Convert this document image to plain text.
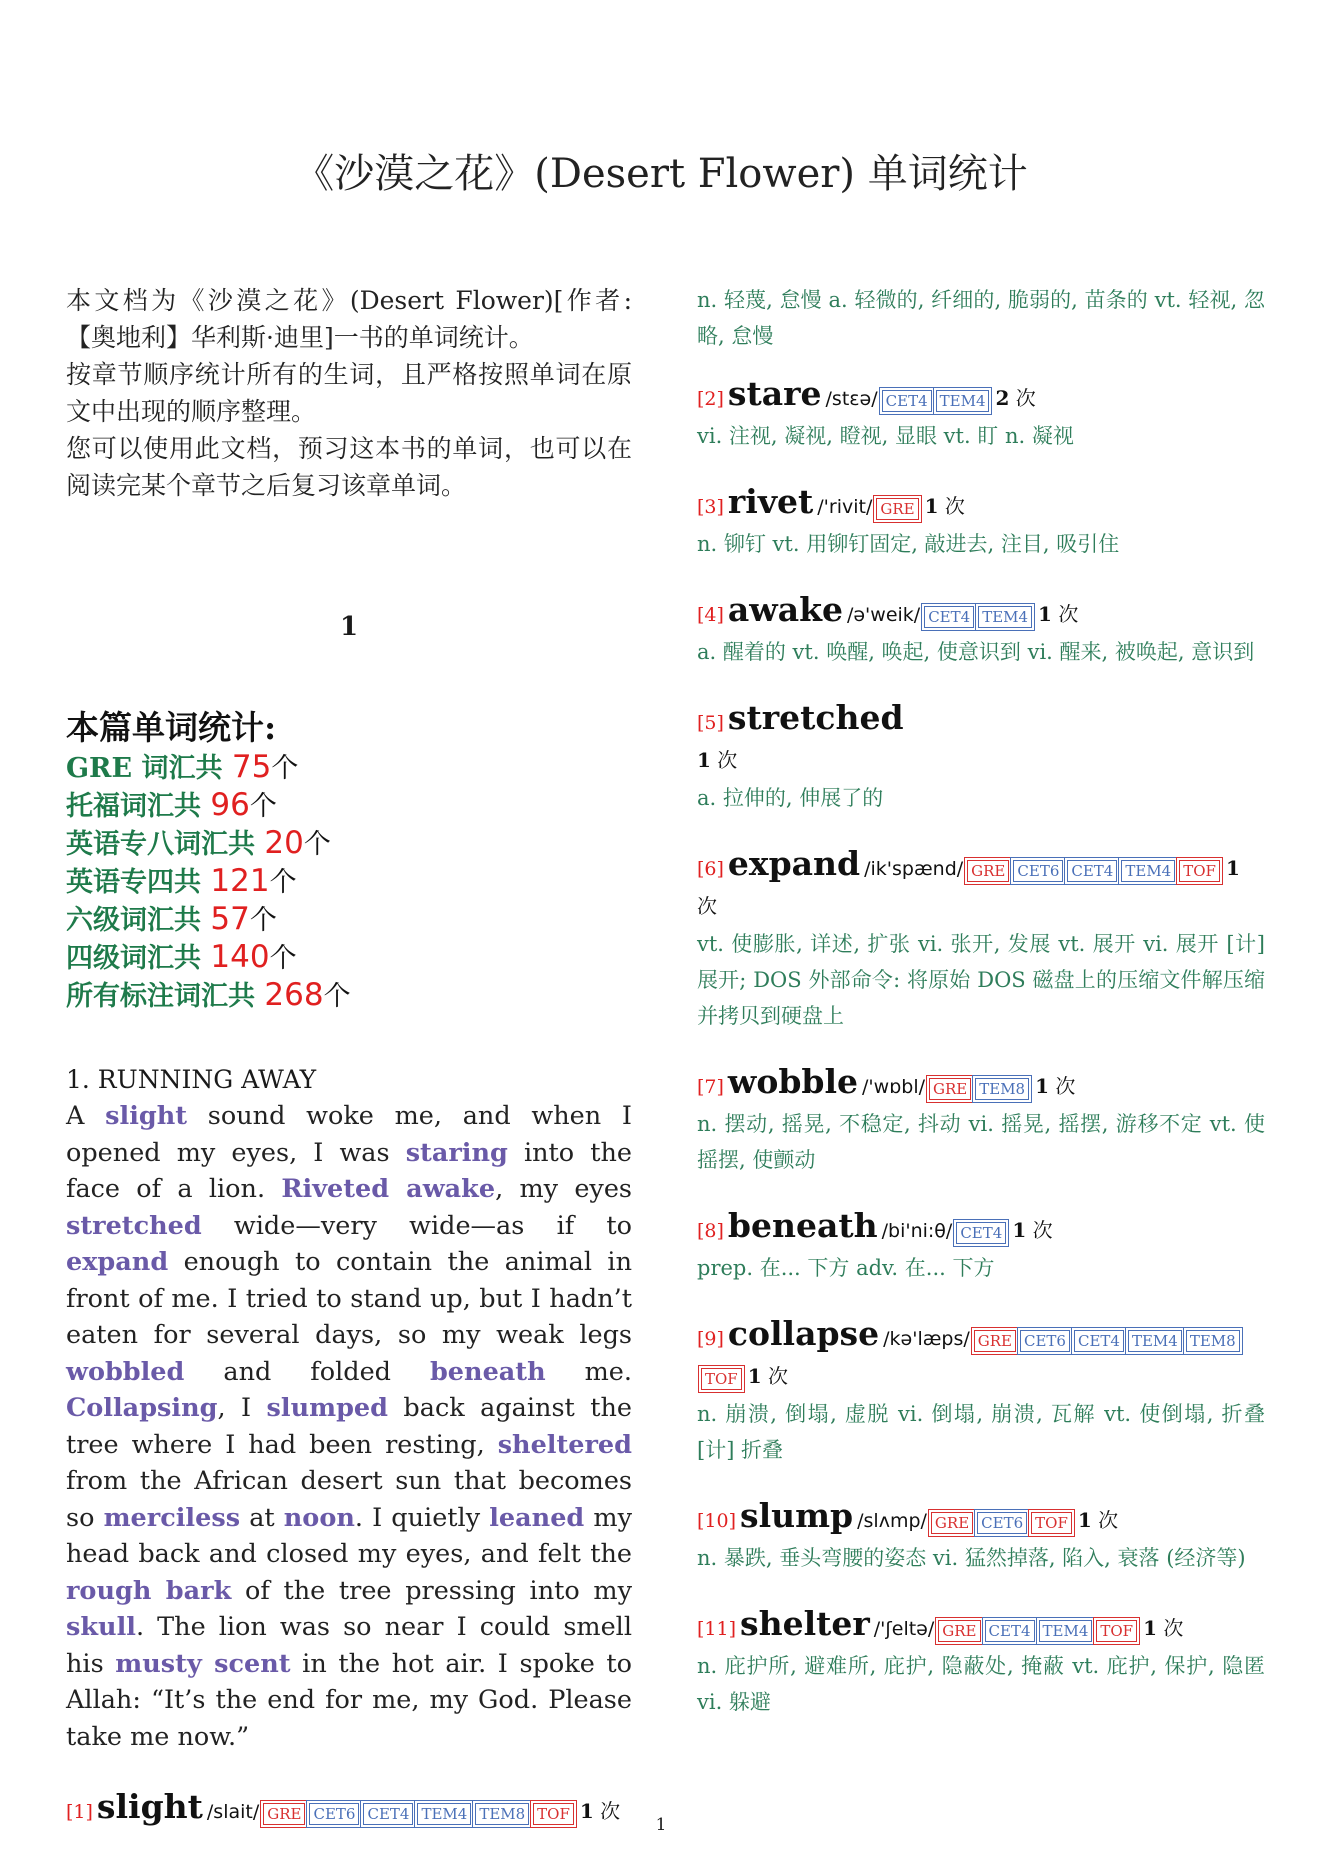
《沙漠之花》(Desert Flower) 单词统计

本文档为《沙漠之花》(Desert Flower)[作者: 【奥地利】华利斯·迪里]一书的单词统计。

按章节顺序统计所有的生词，且严格按照单词在原文中出现的顺序整理。

您可以使用此文档，预习这本书的单词，也可以在阅读完某个章节之后复习该章单词。

1
本篇单词统计:
GRE 词汇共 75个
托福词汇共 96个
英语专八词汇共 20个
英语专四共 121个
六级词汇共 57个
四级词汇共 140个
所有标注词汇共 268个
1. RUNNING AWAY
A slight sound woke me, and when I opened my eyes, I was staring into the face of a lion. Riveted awake, my eyes stretched wide—very wide—as if to expand enough to contain the animal in front of me. I tried to stand up, but I hadn’t eaten for several days, so my weak legs wobbled and folded beneath me. Collapsing, I slumped back against the tree where I had been resting, sheltered from the African desert sun that becomes so merciless at noon. I quietly leaned my head back and closed my eyes, and felt the rough bark of the tree pressing into my skull. The lion was so near I could smell his musty scent in the hot air. I spoke to Allah: “It’s the end for me, my God. Please take me now.”
[1] slight /slait/ GRE CET6 CET4 TEM4 TEM8 TOF 1 次
n. 轻蔑, 怠慢 a. 轻微的, 纤细的, 脆弱的, 苗条的 vt. 轻视, 忽略, 怠慢
[2] stare /stɛə/ CET4 TEM4 2 次
vi. 注视, 凝视, 瞪视, 显眼 vt. 盯 n. 凝视
[3] rivet /'rivit/ GRE 1 次
n. 铆钉 vt. 用铆钉固定, 敲进去, 注目, 吸引住
[4] awake /ə'weik/ CET4 TEM4 1 次
a. 醒着的 vt. 唤醒, 唤起, 使意识到 vi. 醒来, 被唤起, 意识到
[5] stretched
1 次
a. 拉伸的, 伸展了的
[6] expand /ik'spænd/ GRE CET6 CET4 TEM4 TOF 1 次
vt. 使膨胀, 详述, 扩张 vi. 张开, 发展 vt. 展开 vi. 展开 [计] 展开; DOS 外部命令: 将原始 DOS 磁盘上的压缩文件解压缩并拷贝到硬盘上
[7] wobble /'wɒbl/ GRE TEM8 1 次
n. 摆动, 摇晃, 不稳定, 抖动 vi. 摇晃, 摇摆, 游移不定 vt. 使摇摆, 使颤动
[8] beneath /bi'ni:θ/ CET4 1 次
prep. 在... 下方 adv. 在... 下方
[9] collapse /kə'læps/ GRE CET6 CET4 TEM4 TEM8TOF 1 次
n. 崩溃, 倒塌, 虚脱 vi. 倒塌, 崩溃, 瓦解 vt. 使倒塌, 折叠 [计] 折叠
[10] slump /slʌmp/ GRE CET6 TOF 1 次
n. 暴跌, 垂头弯腰的姿态 vi. 猛然掉落, 陷入, 衰落 (经济等)
[11] shelter /'ʃeltə/ GRE CET4 TEM4 TOF 1 次
n. 庇护所, 避难所, 庇护, 隐蔽处, 掩蔽 vt. 庇护, 保护, 隐匿 vi. 躲避
1
